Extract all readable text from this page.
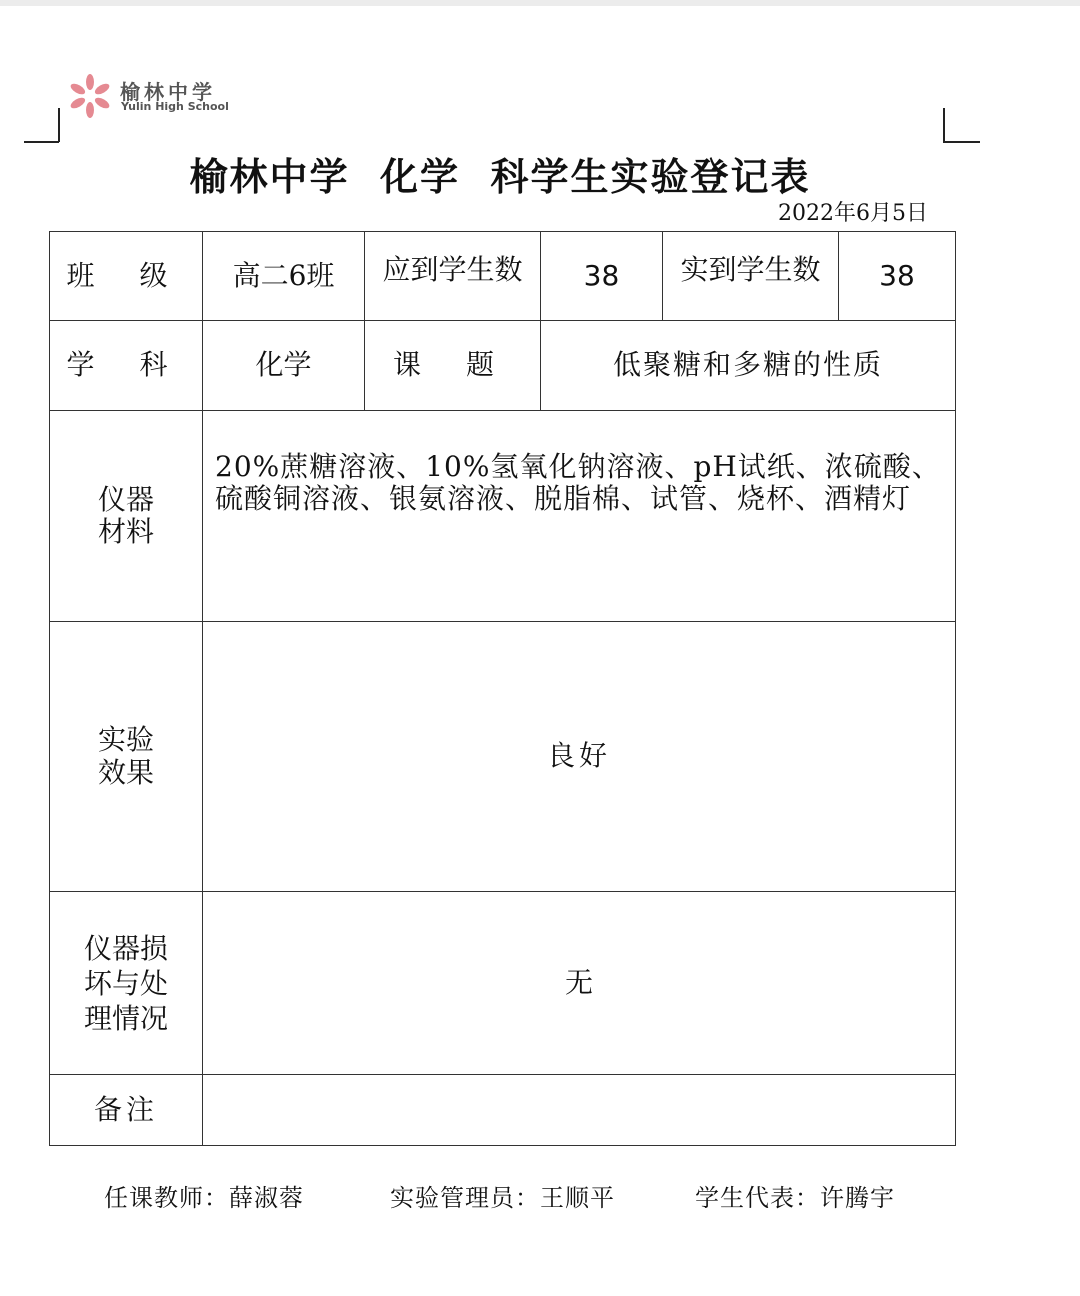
榆林中学
Yulin High School
榆林中学  化学  科学生实验登记表
2022年6月5日
班 级	高二6班	应到学生数	38	实到学生数	38
学 科	化学	课 题	低聚糖和多糖的性质		

仪器
材料	20%蔗糖溶液、10%氢氧化钠溶液、pH试纸、浓硫酸、硫酸铜溶液、银氨溶液、脱脂棉、试管、烧杯、酒精灯				

实验
效果	良好				

仪器损
坏与处
理情况	无				
备注					
任课教师：薛淑蓉	实验管理员：王顺平	学生代表：许腾宇
